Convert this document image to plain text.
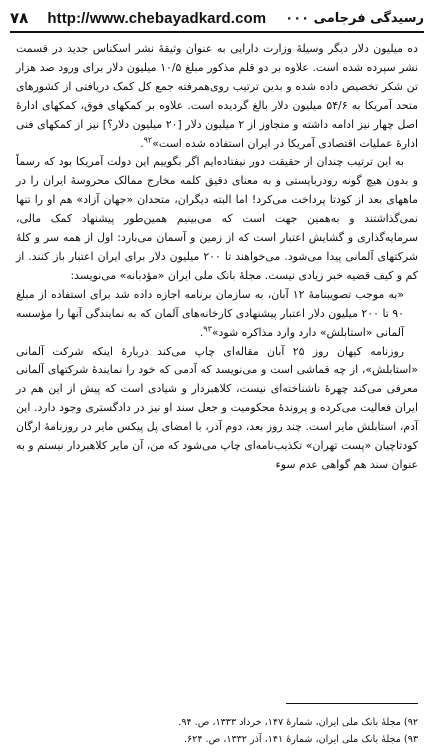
۷۸ http://www.chebayadkard.com رسیدگی فرجامی ۰۰۰

ده میلیون دلار دیگر وسیلهٔ وزارت دارایی به عنوان وثیقهٔ نشر اسکناس جدید در قسمت نشر سپرده شده است. علاوه بر دو قلم مذکور مبلغ ۱۰/۵ میلیون دلار برای ورود صد هزار تن شکر تخصیص داده شده و بدین ترتیب روی‌همرفته جمع کل کمک دریافتی از کشورهای متحد آمریکا به ۵۴/۶ میلیون دلار بالغ گردیده است. علاوه بر کمکهای فوق، کمکهای ادارهٔ اصل چهار نیز ادامه داشته و متجاوز از ۲ میلیون دلار [۲۰ میلیون دلار؟] نیز از کمکهای فنی ادارهٔ عملیات اقتصادی آمریکا در ایران استفاده شده است»$^{۹۲}$.

به این ترتیب چندان از حقیقت دور نیفتاده‌ایم اگر بگوییم این دولت آمریکا بود که رسماً و بدون هیچ گونه رودربایستی و به معنای دقیق کلمه مخارج ممالک محروسهٔ ایران را در ماههای بعد از کودتا پرداخت می‌کرد! اما البته دیگران، متحدان «جهان آزاد» هم او را تنها نمی‌گذاشتند و به‌همین جهت است که می‌بینیم همین‌طور پیشنهاد کمک مالی، سرمایه‌گذاری و گشایش اعتبار است که از زمین و آسمان می‌بارد: اول از همه سر و کلهٔ شرکتهای آلمانی پیدا می‌شود. می‌خواهند تا ۲۰۰ میلیون دلار برای ایران اعتبار باز کنند. از کم و کیف قضیه خبر زیادی نیست. مجلهٔ بانک ملی ایران «مؤدبانه» می‌نویسد:

«به موجب تصویبنامهٔ ۱۲ آبان، به سازمان برنامه اجازه داده شد برای استفاده از مبلغ ۹۰ تا ۲۰۰ میلیون دلار اعتبار پیشنهادی کارخانه‌های آلمان که به نمایندگی آنها را مؤسسه آلمانی «استابلش» دارد وارد مذاکره شود»$^{۹۳}$.

روزنامه کیهان روز ۲۵ آبان مقاله‌ای چاپ می‌کند دربارهٔ اینکه شرکت آلمانی «استابلش»، از چه قماشی است و می‌نویسد که آدمی که خود را نمایندهٔ شرکتهای آلمانی معرفی می‌کند چهرهٔ ناشناخته‌ای نیست، کلاهبردار و شیادی است که پیش از این هم در ایران فعالیت می‌کرده و پروندهٔ محکومیت و جعل سند او نیز در دادگستری وجود دارد. این آدم، استابلش مایر است. چند روز بعد، دوم آذر، با امضای پل پیکس مایر در روزنامهٔ ارگان کودتاچیان «پست تهران» تکذیب‌نامه‌ای چاپ می‌شود که من، آن مایر کلاهبردار نیستم و به عنوان سند هم گواهی عدم سوء

۹۲) مجلهٔ بانک ملی ایران، شمارهٔ ۱۴۷، خرداد ۱۳۳۳، ص. ۹۴.

۹۳) مجلهٔ بانک ملی ایران، شمارهٔ ۱۴۱، آذر ۱۳۳۲، ص. ۶۲۴.
